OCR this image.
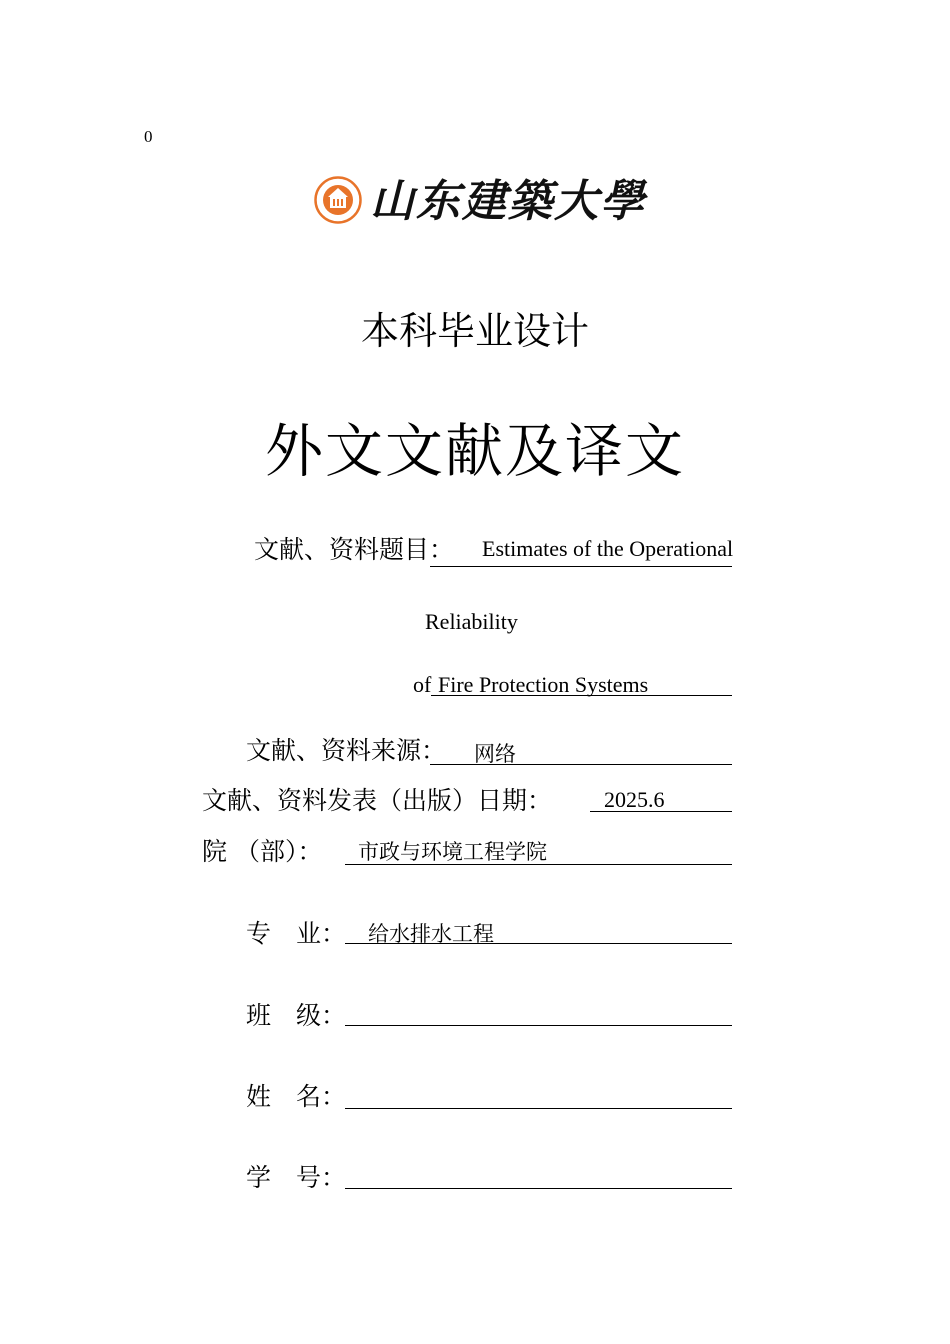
0
山东建築大學
本科毕业设计
外文文献及译文
文献、资料题目： Estimates of the Operational
Reliability
of Fire Protection Systems
文献、资料来源： 网络
文献、资料发表（出版）日期： 2025.6
院 （部）： 市政与环境工程学院
专　业： 给水排水工程
班　级：
姓　名：
学　号：
